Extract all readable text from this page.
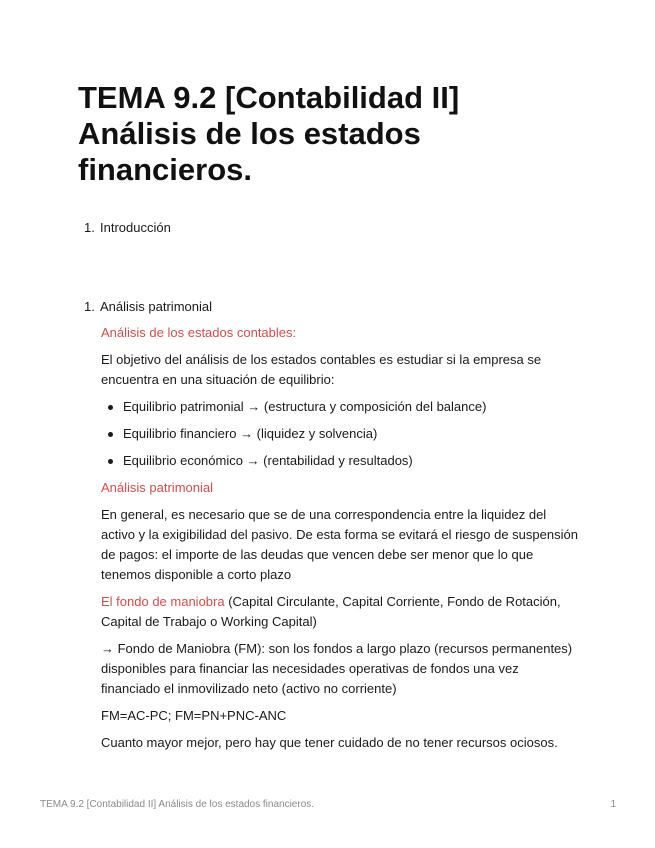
TEMA 9.2 [Contabilidad II]
Análisis de los estados
financieros.
1. Introducción
1. Análisis patrimonial

Análisis de los estados contables:

El objetivo del análisis de los estados contables es estudiar si la empresa se encuentra en una situación de equilibrio:

Equilibrio patrimonial → (estructura y composición del balance)
Equilibrio financiero → (liquidez y solvencia)
Equilibrio económico → (rentabilidad y resultados)

Análisis patrimonial

En general, es necesario que se de una correspondencia entre la liquidez del activo y la exigibilidad del pasivo. De esta forma se evitará el riesgo de suspensión de pagos: el importe de las deudas que vencen debe ser menor que lo que tenemos disponible a corto plazo

El fondo de maniobra (Capital Circulante, Capital Corriente, Fondo de Rotación, Capital de Trabajo o Working Capital)

→ Fondo de Maniobra (FM): son los fondos a largo plazo (recursos permanentes) disponibles para financiar las necesidades operativas de fondos una vez financiado el inmovilizado neto (activo no corriente)

FM=AC-PC; FM=PN+PNC-ANC

Cuanto mayor mejor, pero hay que tener cuidado de no tener recursos ociosos.

TEMA 9.2 [Contabilidad II] Análisis de los estados financieros.	1
